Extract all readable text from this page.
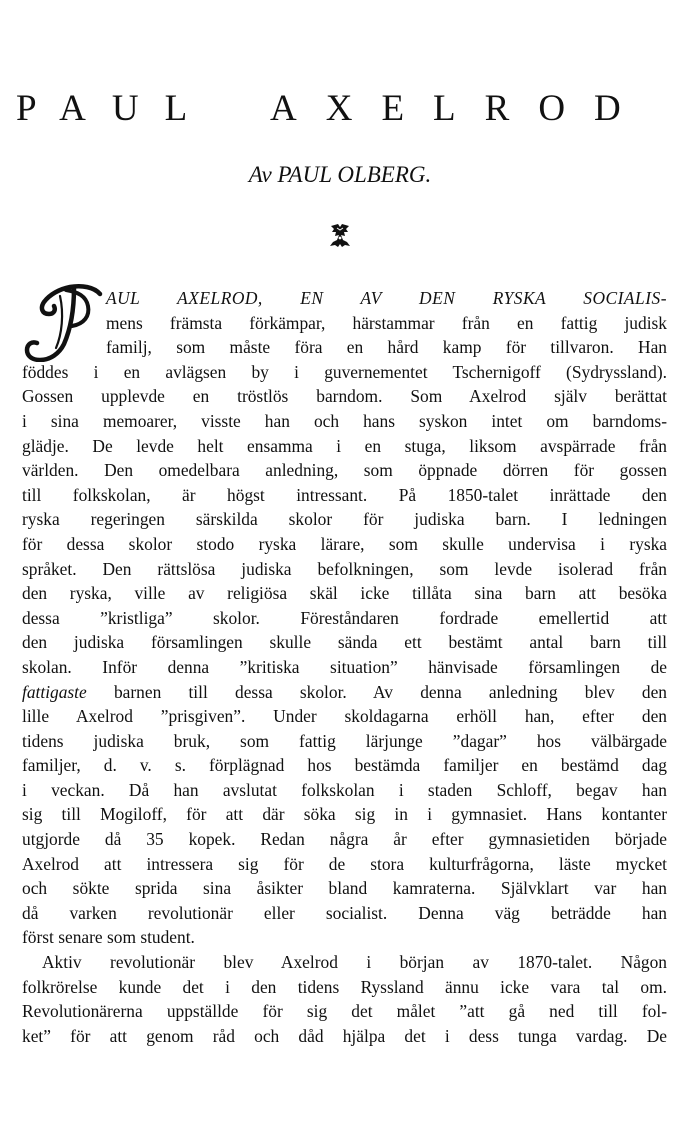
PAUL AXELROD
Av PAUL OLBERG.
AUL AXELROD, EN AV DEN RYSKA SOCIALIS-
mens främsta förkämpar, härstammar från en fattig judisk
familj, som måste föra en hård kamp för tillvaron. Han
föddes i en avlägsen by i guvernementet Tschernigoff (Sydryssland).
Gossen upplevde en tröstlös barndom. Som Axelrod själv berättat
i sina memoarer, visste han och hans syskon intet om barndoms-
glädje. De levde helt ensamma i en stuga, liksom avspärrade från
världen. Den omedelbara anledning, som öppnade dörren för gossen
till folkskolan, är högst intressant. På 1850-talet inrättade den
ryska regeringen särskilda skolor för judiska barn. I ledningen
för dessa skolor stodo ryska lärare, som skulle undervisa i ryska
språket. Den rättslösa judiska befolkningen, som levde isolerad från
den ryska, ville av religiösa skäl icke tillåta sina barn att besöka
dessa ”kristliga” skolor. Föreståndaren fordrade emellertid att
den judiska församlingen skulle sända ett bestämt antal barn till
skolan. Inför denna ”kritiska situation” hänvisade församlingen de
fattigaste barnen till dessa skolor. Av denna anledning blev den
lille Axelrod ”prisgiven”. Under skoldagarna erhöll han, efter den
tidens judiska bruk, som fattig lärjunge ”dagar” hos välbärgade
familjer, d. v. s. förplägnad hos bestämda familjer en bestämd dag
i veckan. Då han avslutat folkskolan i staden Schloff, begav han
sig till Mogiloff, för att där söka sig in i gymnasiet. Hans kontanter
utgjorde då 35 kopek. Redan några år efter gymnasietiden började
Axelrod att intressera sig för de stora kulturfrågorna, läste mycket
och sökte sprida sina åsikter bland kamraterna. Självklart var han
då varken revolutionär eller socialist. Denna väg beträdde han
först senare som student.
Aktiv revolutionär blev Axelrod i början av 1870-talet. Någon
folkrörelse kunde det i den tidens Ryssland ännu icke vara tal om.
Revolutionärerna uppställde för sig det målet ”att gå ned till fol-
ket” för att genom råd och dåd hjälpa det i dess tunga vardag. De
